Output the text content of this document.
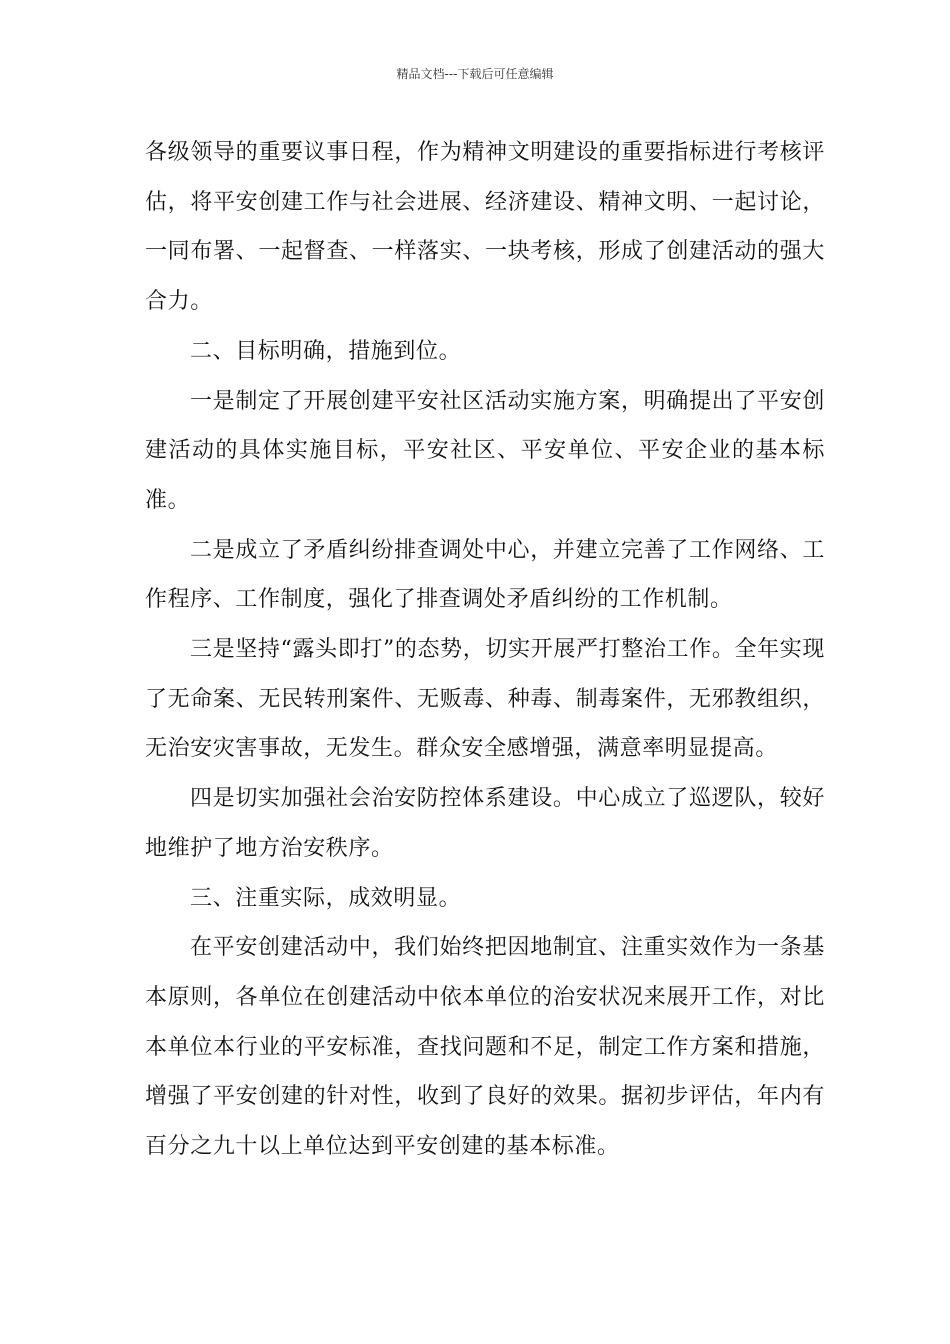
精品文档---下载后可任意编辑

各级领导的重要议事日程，作为精神文明建设的重要指标进行考核评估，将平安创建工作与社会进展、经济建设、精神文明、一起讨论，一同布署、一起督查、一样落实、一块考核，形成了创建活动的强大合力。

二、目标明确，措施到位。

一是制定了开展创建平安社区活动实施方案，明确提出了平安创建活动的具体实施目标，平安社区、平安单位、平安企业的基本标准。

二是成立了矛盾纠纷排查调处中心，并建立完善了工作网络、工作程序、工作制度，强化了排查调处矛盾纠纷的工作机制。

三是坚持“露头即打”的态势，切实开展严打整治工作。全年实现了无命案、无民转刑案件、无贩毒、种毒、制毒案件，无邪教组织，无治安灾害事故，无发生。群众安全感增强，满意率明显提高。

四是切实加强社会治安防控体系建设。中心成立了巡逻队，较好地维护了地方治安秩序。

三、注重实际，成效明显。

在平安创建活动中，我们始终把因地制宜、注重实效作为一条基本原则，各单位在创建活动中依本单位的治安状况来展开工作，对比本单位本行业的平安标准，查找问题和不足，制定工作方案和措施，增强了平安创建的针对性，收到了良好的效果。据初步评估，年内有百分之九十以上单位达到平安创建的基本标准。
